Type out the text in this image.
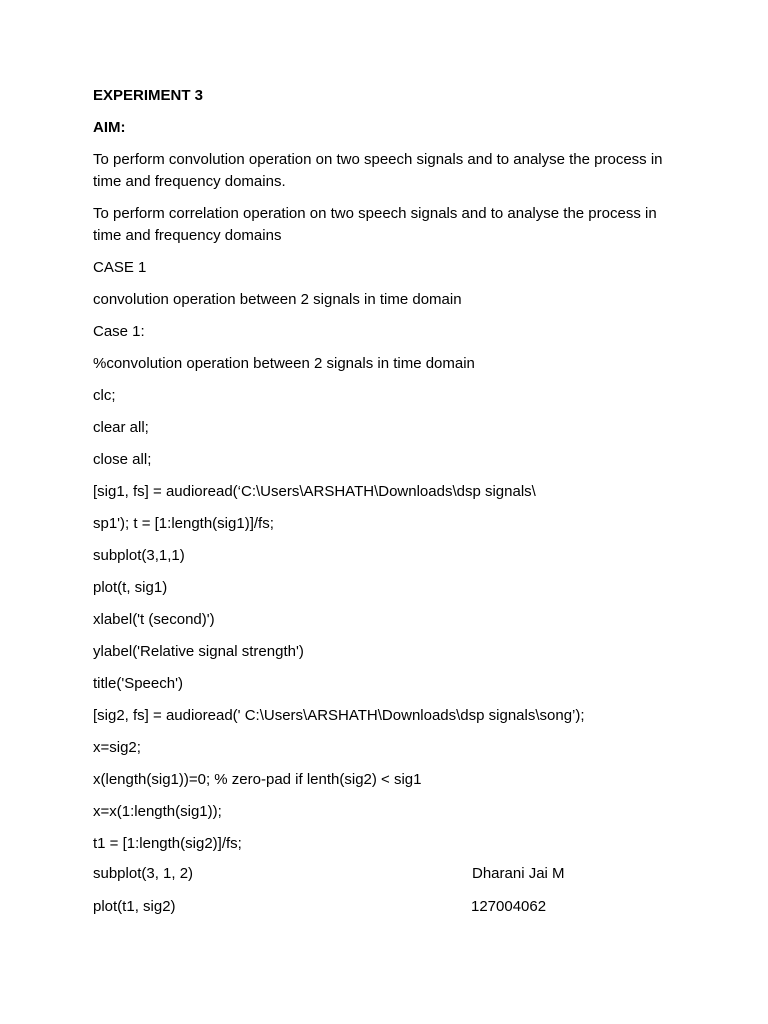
EXPERIMENT 3
AIM:
To perform convolution operation on two speech signals and to analyse the process in time and frequency domains.
To perform correlation operation on two speech signals and to analyse the process in time and frequency domains
CASE 1
convolution operation between 2 signals in time domain
Case 1:
%convolution operation between 2 signals in time domain
clc;
clear all;
close all;
[sig1, fs] = audioread(‘C:\Users\ARSHATH\Downloads\dsp signals\
sp1'); t = [1:length(sig1)]/fs;
subplot(3,1,1)
plot(t, sig1)
xlabel('t (second)')
ylabel('Relative signal strength')
title('Speech')
[sig2, fs] = audioread(' C:\Users\ARSHATH\Downloads\dsp signals\song’);
x=sig2;
x(length(sig1))=0; % zero-pad if lenth(sig2) < sig1
x=x(1:length(sig1));
t1 = [1:length(sig2)]/fs;
subplot(3, 1, 2)
plot(t1, sig2)
Dharani Jai M
127004062
